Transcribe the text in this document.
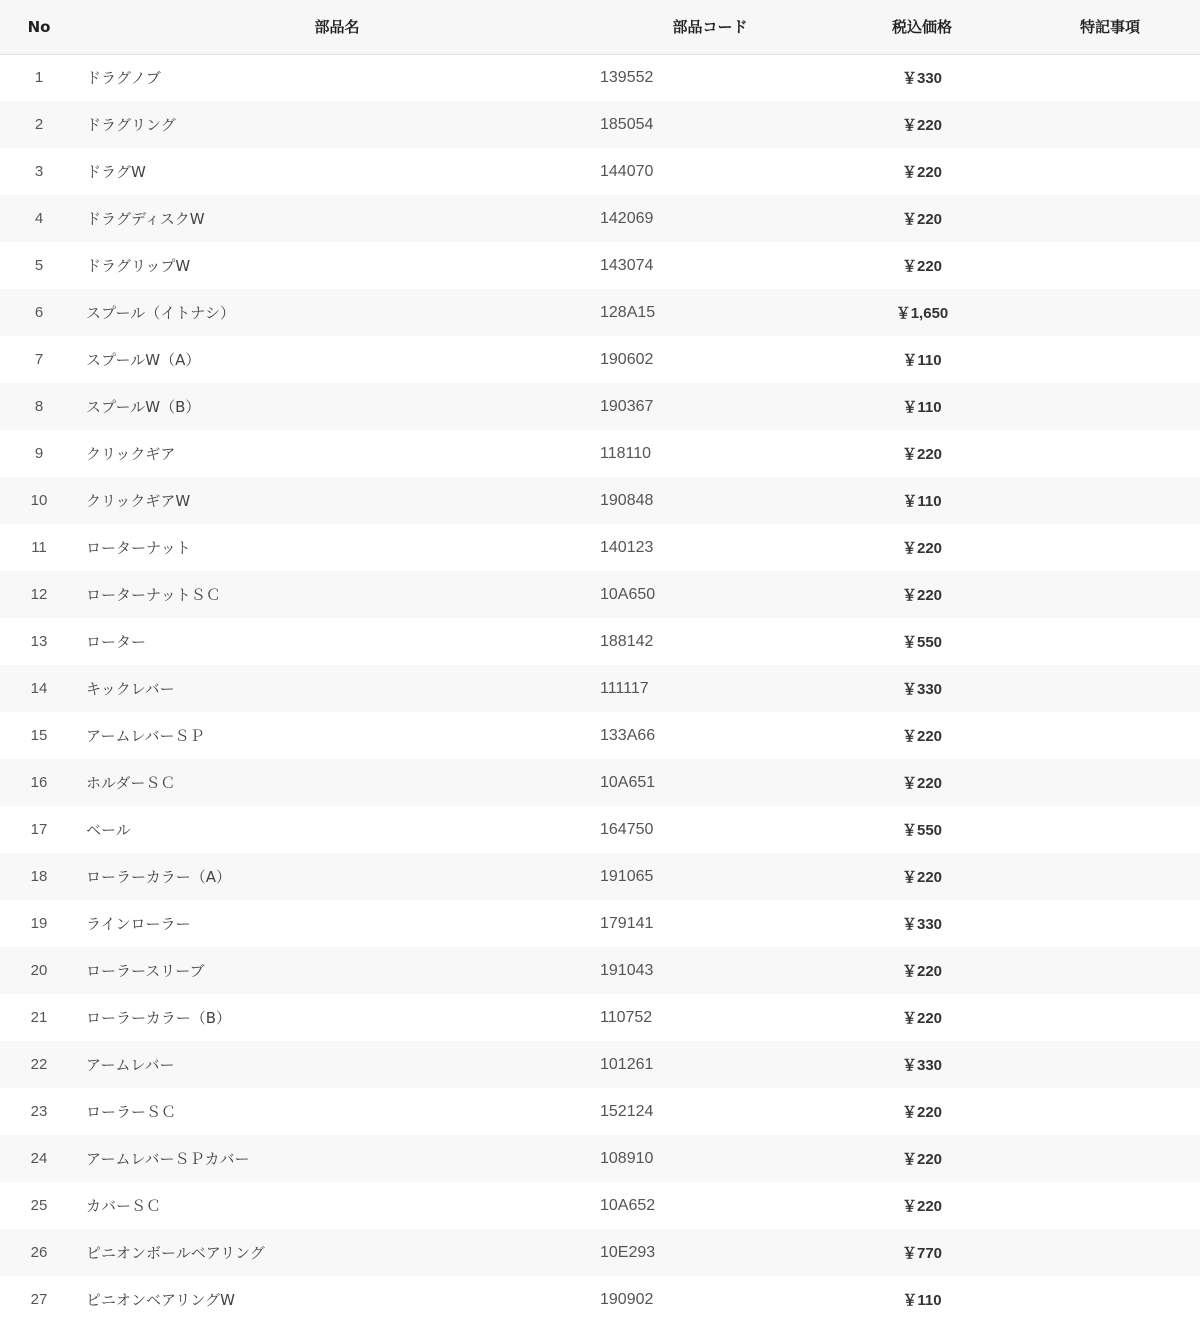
No	部品名	部品コード	税込価格	特記事項
1	ドラグノブ	139552	￥330	
2	ドラグリング	185054	￥220	
3	ドラグW	144070	￥220	
4	ドラグディスクW	142069	￥220	
5	ドラグリップW	143074	￥220	
6	スプール（イトナシ）	128A15	￥1,650	
7	スプールW（A）	190602	￥110	
8	スプールW（B）	190367	￥110	
9	クリックギア	118110	￥220	
10	クリックギアW	190848	￥110	
11	ローターナット	140123	￥220	
12	ローターナットＳＣ	10A650	￥220	
13	ローター	188142	￥550	
14	キックレバー	111117	￥330	
15	アームレバーＳＰ	133A66	￥220	
16	ホルダーＳＣ	10A651	￥220	
17	ベール	164750	￥550	
18	ローラーカラー（A）	191065	￥220	
19	ラインローラー	179141	￥330	
20	ローラースリーブ	191043	￥220	
21	ローラーカラー（B）	110752	￥220	
22	アームレバー	101261	￥330	
23	ローラーＳＣ	152124	￥220	
24	アームレバーＳＰカバー	108910	￥220	
25	カバーＳＣ	10A652	￥220	
26	ピニオンボールベアリング	10E293	￥770	
27	ピニオンベアリングW	190902	￥110	
